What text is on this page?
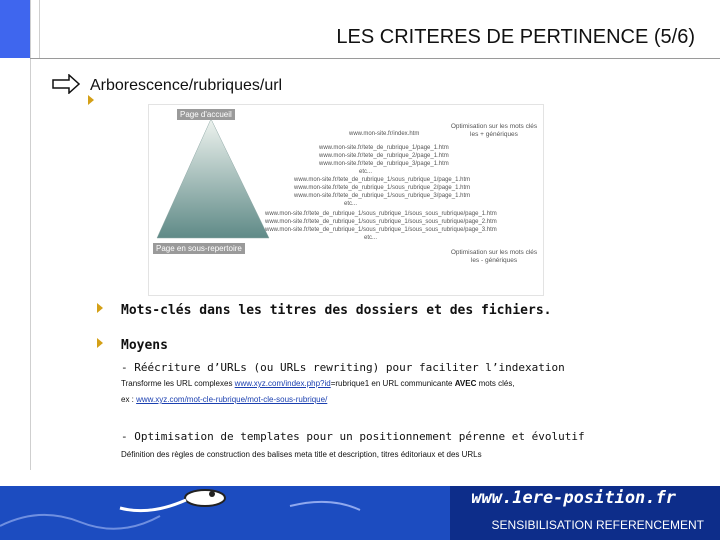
LES CRITERES DE PERTINENCE (5/6)
Arborescence/rubriques/url
Page d'accueil
Page en sous-repertoire
Optimisation sur les mots clés les + génériques
Optimisation sur les mots clés les - génériques
www.mon-site.fr/index.htm
www.mon-site.fr/tete_de_rubrique_1/page_1.htm
www.mon-site.fr/tete_de_rubrique_2/page_1.htm
www.mon-site.fr/tete_de_rubrique_3/page_1.htm
etc...
www.mon-site.fr/tete_de_rubrique_1/sous_rubrique_1/page_1.htm
www.mon-site.fr/tete_de_rubrique_1/sous_rubrique_2/page_1.htm
www.mon-site.fr/tete_de_rubrique_1/sous_rubrique_3/page_1.htm
etc...
www.mon-site.fr/tete_de_rubrique_1/sous_rubrique_1/sous_sous_rubrique/page_1.htm
www.mon-site.fr/tete_de_rubrique_1/sous_rubrique_1/sous_sous_rubrique/page_2.htm
www.mon-site.fr/tete_de_rubrique_1/sous_rubrique_1/sous_sous_rubrique/page_3.htm
etc...
Mots-clés dans les titres des dossiers et des fichiers.
Moyens
- Réécriture d’URLs (ou URLs rewriting) pour faciliter l’indexation
Transforme les URL complexes www.xyz.com/index.php?id=rubrique1 en URL communicante AVEC mots clés,
ex : www.xyz.com/mot-cle-rubrique/mot-cle-sous-rubrique/
- Optimisation de templates pour un positionnement pérenne et évolutif
Définition des règles de construction des balises meta title et description, titres éditoriaux et des URLs
www.1ere-position.fr
SENSIBILISATION REFERENCEMENT
